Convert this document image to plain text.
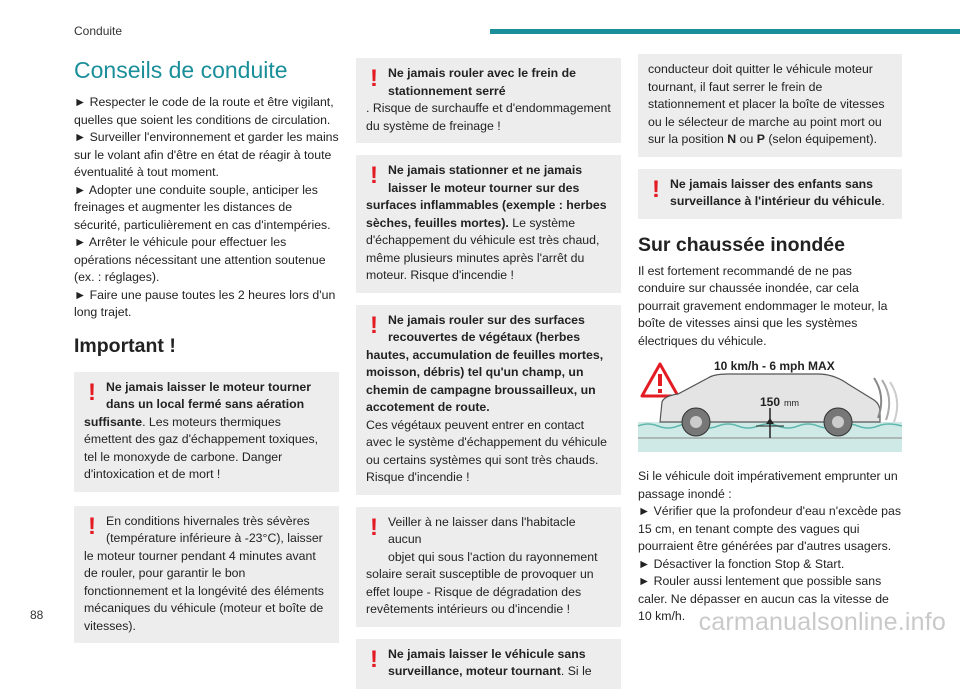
Conduite
Conseils de conduite

► Respecter le code de la route et être vigilant, quelles que soient les conditions de circulation.

► Surveiller l'environnement et garder les mains sur le volant afin d'être en état de réagir à toute éventualité à tout moment.

► Adopter une conduite souple, anticiper les freinages et augmenter les distances de sécurité, particulièrement en cas d'intempéries.

► Arrêter le véhicule pour effectuer les opérations nécessitant une attention soutenue (ex. : réglages).

► Faire une pause toutes les 2 heures lors d'un long trajet.

Important !
! Ne jamais laisser le moteur tourner
dans un local fermé sans aération
suffisante. Les moteurs thermiques émettent des gaz d'échappement toxiques, tel le monoxyde de carbone. Danger d'intoxication et de mort !
! En conditions hivernales très sévères
(température inférieure à -23°C), laisser
le moteur tourner pendant 4 minutes avant de rouler, pour garantir le bon fonctionnement et la longévité des éléments mécaniques du véhicule (moteur et boîte de vitesses).
! Ne jamais rouler avec le frein de
stationnement serré
. Risque de surchauffe et d'endommagement du système de freinage !
! Ne jamais stationner et ne jamais
laisser le moteur tourner sur des
surfaces inflammables (exemple : herbes sèches, feuilles mortes). Le système d'échappement du véhicule est très chaud, même plusieurs minutes après l'arrêt du moteur. Risque d'incendie !
! Ne jamais rouler sur des surfaces
recouvertes de végétaux (herbes
hautes, accumulation de feuilles mortes, moisson, débris) tel qu'un champ, un chemin de campagne broussailleux, un accotement de route.
Ces végétaux peuvent entrer en contact avec le système d'échappement du véhicule ou certains systèmes qui sont très chauds. Risque d'incendie !
! Veiller à ne laisser dans l'habitacle aucun
objet qui sous l'action du rayonnement
solaire serait susceptible de provoquer un effet loupe - Risque de dégradation des revêtements intérieurs ou d'incendie !
! Ne jamais laisser le véhicule sans
surveillance, moteur tournant. Si le
conducteur doit quitter le véhicule moteur tournant, il faut serrer le frein de stationnement et placer la boîte de vitesses ou le sélecteur de marche au point mort ou sur la position N ou P (selon équipement).
! Ne jamais laisser des enfants sans
surveillance à l'intérieur du véhicule.
Sur chaussée inondée

Il est fortement recommandé de ne pas conduire sur chaussée inondée, car cela pourrait gravement endommager le moteur, la boîte de vitesses ainsi que les systèmes électriques du véhicule.

10 km/h - 6 mph MAX
150 mm

Si le véhicule doit impérativement emprunter un passage inondé :

► Vérifier que la profondeur d'eau n'excède pas 15 cm, en tenant compte des vagues qui pourraient être générées par d'autres usagers.

► Désactiver la fonction Stop & Start.

► Rouler aussi lentement que possible sans caler. Ne dépasser en aucun cas la vitesse de 10 km/h.

88	carmanualsonline.info
